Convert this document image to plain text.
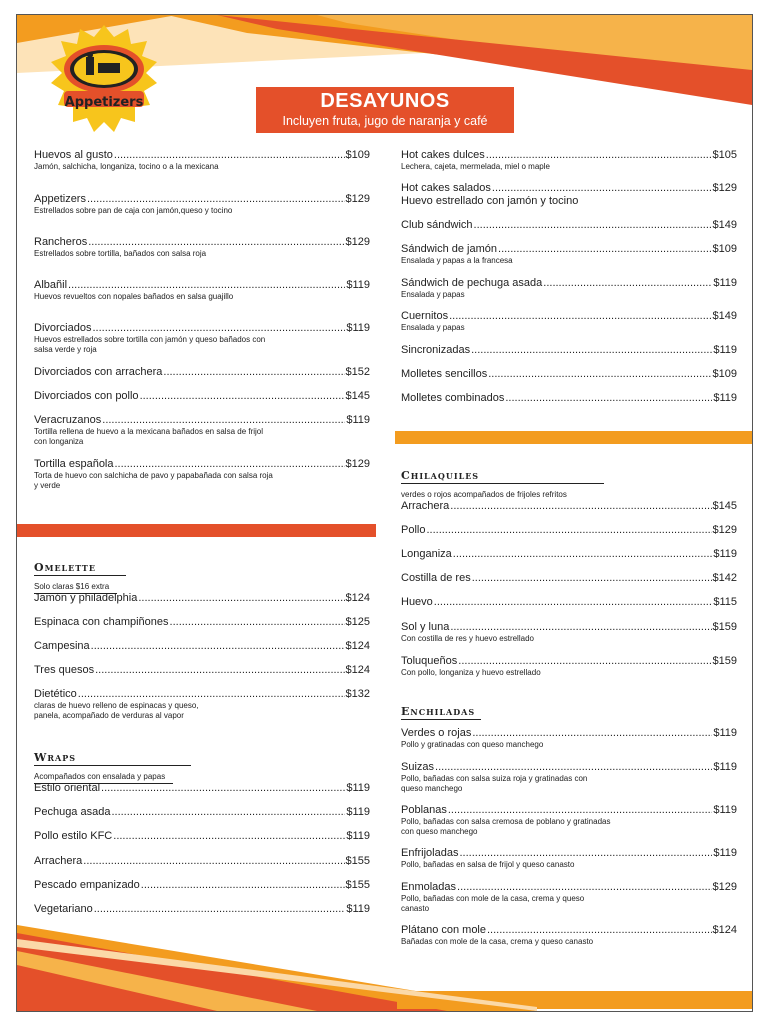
Appetizers	DESAYUNOS
Incluyen fruta, jugo de naranja y café
Huevos al gusto .....	$109
Jamón, salchicha, longaniza, tocino o a la mexicana
Appetizers .....	$129
Estrellados sobre pan de caja con jamón,queso y tocino
Rancheros .....	$129
Estrellados sobre tortilla, bañados con salsa roja
Albañil .....	$119
Huevos revueltos con nopales bañados en salsa guajillo
Divorciados .....	$119
Huevos estrellados sobre tortilla con jamón y queso bañados con
salsa verde y roja
Divorciados con arrachera .....	$152
Divorciados con pollo .....	$145
Veracruzanos .....	$119
Tortilla rellena de huevo a la mexicana bañados en salsa de frijol
con longaniza
Tortilla española .....	$129
Torta de huevo con salchicha de pavo y papabañada con salsa roja
y verde
Omelette
Solo claras $16 extra
Jamón y philadelphia .....	$124
Espinaca con champiñones .....	$125
Campesina .....	$124
Tres quesos .....	$124
Dietético .....	$132
claras de huevo relleno de espinacas y queso,
panela, acompañado de verduras al vapor
Wraps
Acompañados con ensalada y papas
Estilo oriental .....	$119
Pechuga asada .....	$119
Pollo estilo KFC .....	$119
Arrachera .....	$155
Pescado empanizado .....	$155
Vegetariano .....	$119
Hot cakes dulces .....	$105
Lechera, cajeta, mermelada, miel o maple
Hot cakes salados .....	$129
Huevo estrellado con jamón y tocino
Club sándwich .....	$149
Sándwich de jamón .....	$109
Ensalada y papas a la francesa
Sándwich de pechuga asada .....	$119
Ensalada y papas
Cuernitos .....	$149
Ensalada y papas
Sincronizadas .....	$119
Molletes sencillos .....	$109
Molletes combinados .....	$119
Chilaquiles
verdes o rojos acompañados de frijoles refritos
Arrachera .....	$145
Pollo .....	$129
Longaniza .....	$119
Costilla de res .....	$142
Huevo .....	$115
Sol y luna .....	$159
Con costilla de res y huevo estrellado
Toluqueños .....	$159
Con pollo, longaniza y huevo estrellado
Enchiladas
Verdes o rojas .....	$119
Pollo y gratinadas con queso manchego
Suizas .....	$119
Pollo, bañadas con salsa suiza roja y gratinadas con
queso manchego
Poblanas .....	$119
Pollo, bañadas con salsa cremosa de poblano y gratinadas
con queso manchego
Enfrijoladas .....	$119
Pollo, bañadas en salsa de frijol y queso canasto
Enmoladas .....	$129
Pollo, bañadas con mole de la casa, crema y queso
canasto
Plátano con mole .....	$124
Bañadas con mole de la casa, crema y queso canasto
